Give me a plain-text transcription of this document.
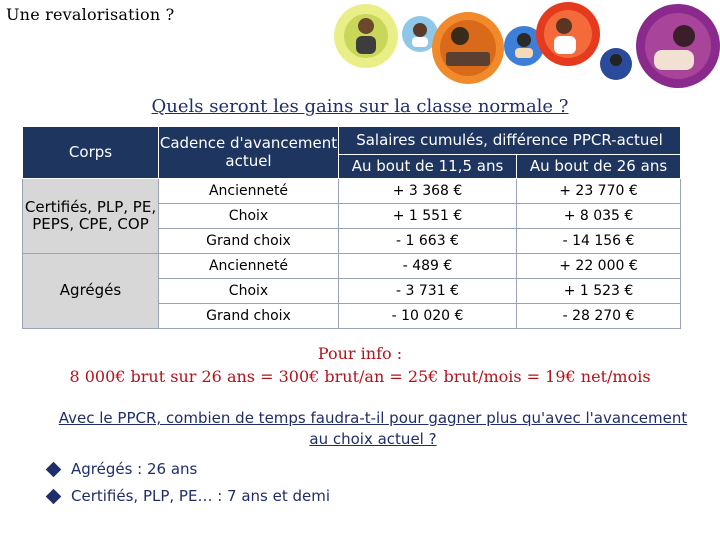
Une revalorisation ?
Quels seront les gains sur la classe normale ?
Corps	Cadence d'avancement actuel	Salaires cumulés, différence PPCR-actuel	
		Au bout de 11,5 ans	Au bout de 26 ans
Certifiés, PLP, PE, PEPS, CPE, COP	Ancienneté	+ 3 368 €	+ 23 770 €
	Choix	+ 1 551 €	+ 8 035 €
	Grand choix	- 1 663 €	- 14 156 €
Agrégés	Ancienneté	- 489 €	+ 22 000 €
	Choix	- 3 731 €	+ 1 523 €
	Grand choix	- 10 020 €	- 28 270 €
Pour info :
8 000€ brut sur 26 ans = 300€ brut/an = 25€ brut/mois = 19€ net/mois
Avec le PPCR, combien de temps faudra-t-il pour gagner plus qu'avec l'avancement au choix actuel ?
Agrégés : 26 ans
Certifiés, PLP, PE… : 7 ans et demi
